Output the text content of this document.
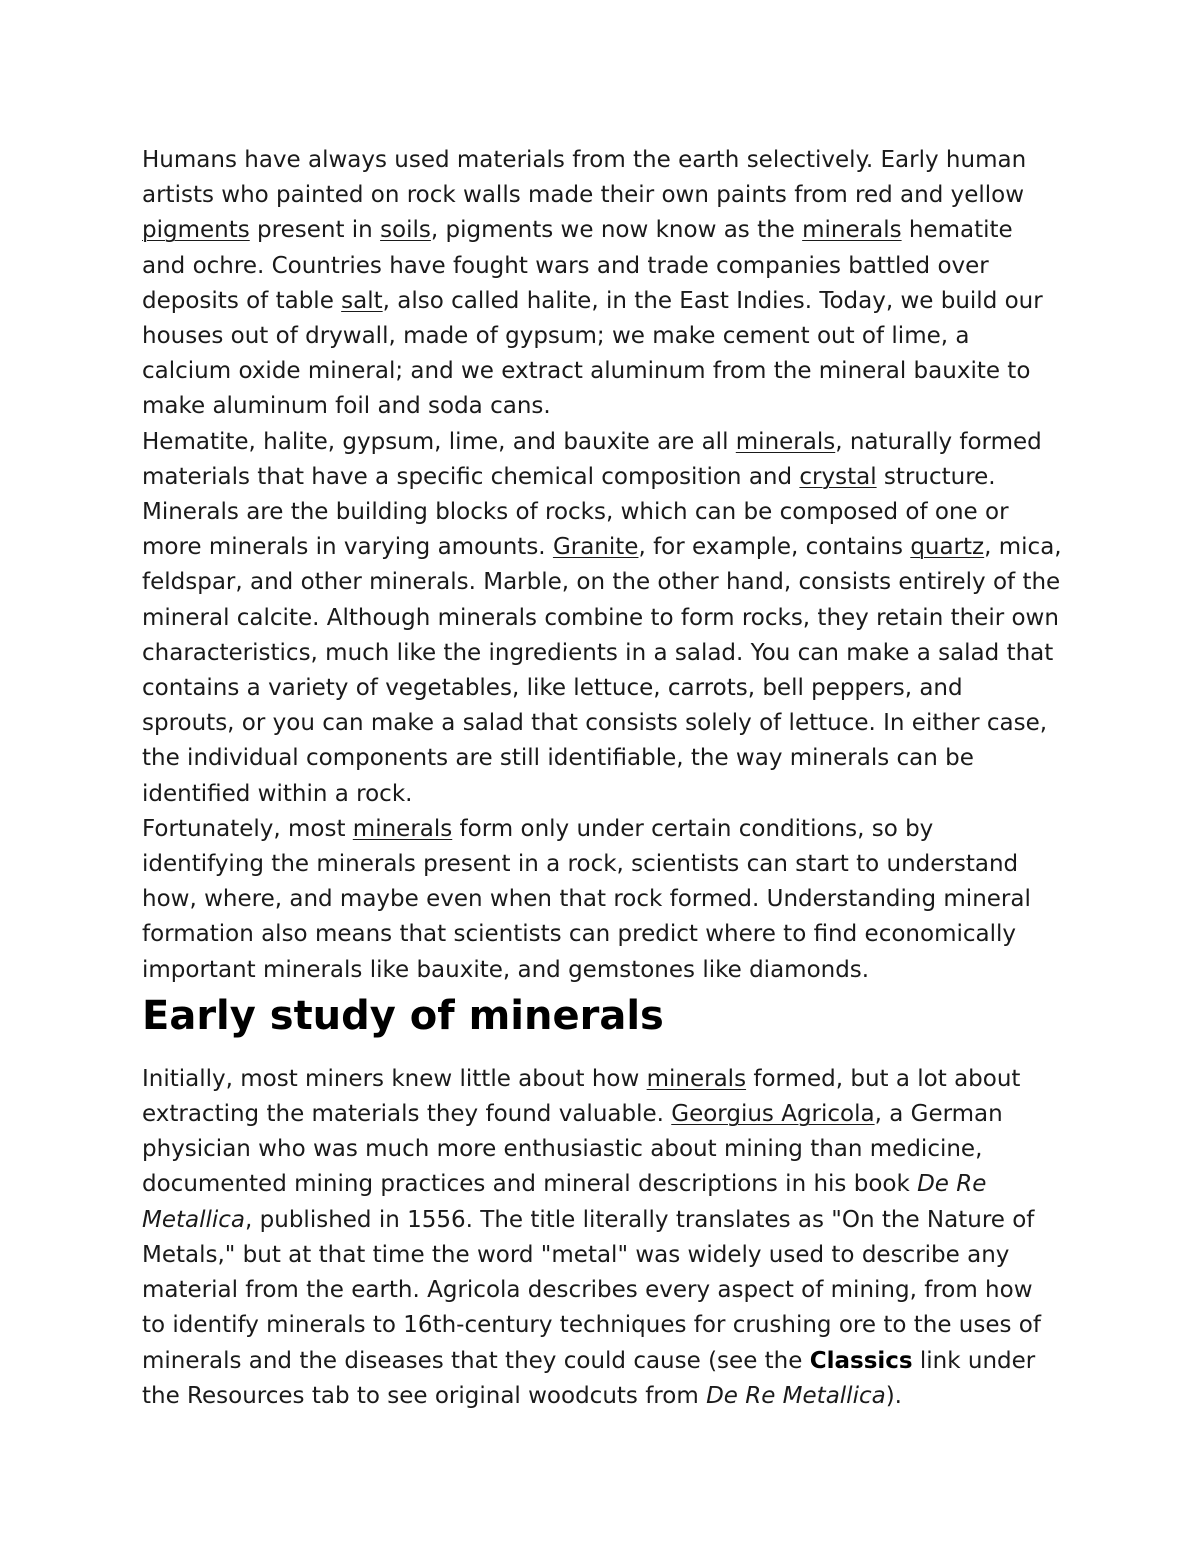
Humans have always used materials from the earth selectively. Early human artists who painted on rock walls made their own paints from red and yellow pigments present in soils, pigments we now know as the minerals hematite and ochre. Countries have fought wars and trade companies battled over deposits of table salt, also called halite, in the East Indies. Today, we build our houses out of drywall, made of gypsum; we make cement out of lime, a calcium oxide mineral; and we extract aluminum from the mineral bauxite to make aluminum foil and soda cans.

Hematite, halite, gypsum, lime, and bauxite are all minerals, naturally formed materials that have a specific chemical composition and crystal structure. Minerals are the building blocks of rocks, which can be composed of one or more minerals in varying amounts. Granite, for example, contains quartz, mica, feldspar, and other minerals. Marble, on the other hand, consists entirely of the mineral calcite. Although minerals combine to form rocks, they retain their own characteristics, much like the ingredients in a salad. You can make a salad that contains a variety of vegetables, like lettuce, carrots, bell peppers, and sprouts, or you can make a salad that consists solely of lettuce. In either case, the individual components are still identifiable, the way minerals can be identified within a rock.

Fortunately, most minerals form only under certain conditions, so by identifying the minerals present in a rock, scientists can start to understand how, where, and maybe even when that rock formed. Understanding mineral formation also means that scientists can predict where to find economically important minerals like bauxite, and gemstones like diamonds.

Early study of minerals

Initially, most miners knew little about how minerals formed, but a lot about extracting the materials they found valuable. Georgius Agricola, a German physician who was much more enthusiastic about mining than medicine, documented mining practices and mineral descriptions in his book De Re Metallica, published in 1556. The title literally translates as "On the Nature of Metals," but at that time the word "metal" was widely used to describe any material from the earth. Agricola describes every aspect of mining, from how to identify minerals to 16th-century techniques for crushing ore to the uses of minerals and the diseases that they could cause (see the Classics link under the Resources tab to see original woodcuts from De Re Metallica).
